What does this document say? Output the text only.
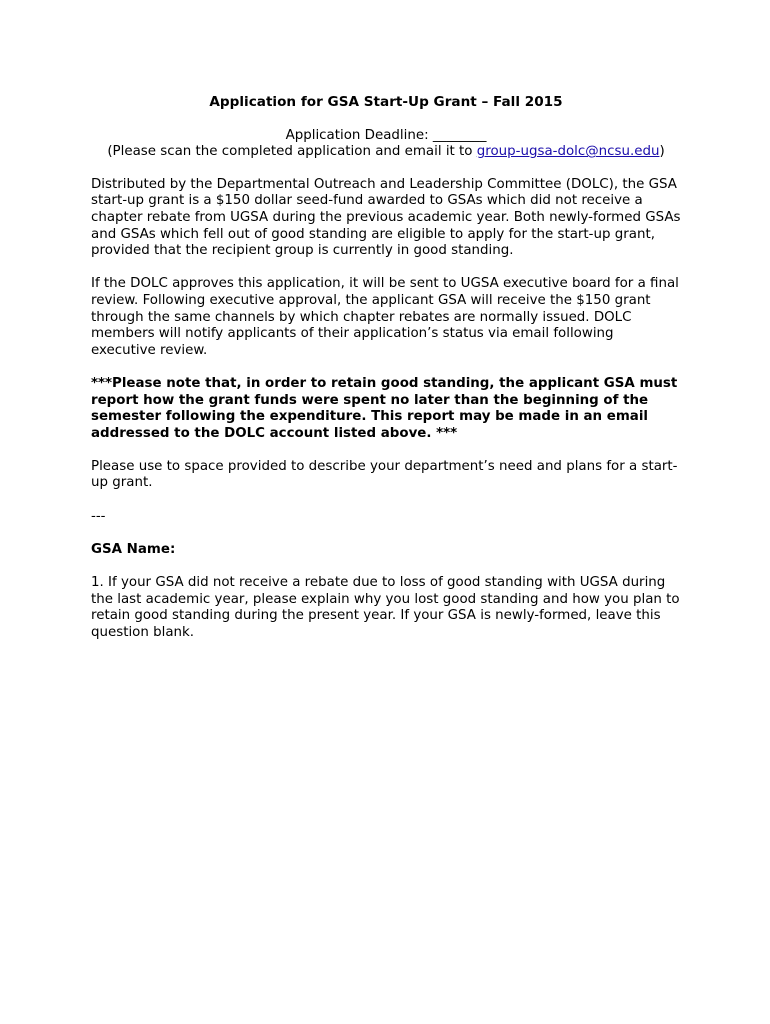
Application for GSA Start-Up Grant – Fall 2015

Application Deadline: ________

(Please scan the completed application and email it to group-ugsa-dolc@ncsu.edu)

Distributed by the Departmental Outreach and Leadership Committee (DOLC), the GSA start-up grant is a $150 dollar seed-fund awarded to GSAs which did not receive a chapter rebate from UGSA during the previous academic year. Both newly-formed GSAs and GSAs which fell out of good standing are eligible to apply for the start-up grant, provided that the recipient group is currently in good standing.

If the DOLC approves this application, it will be sent to UGSA executive board for a final review. Following executive approval, the applicant GSA will receive the $150 grant through the same channels by which chapter rebates are normally issued. DOLC members will notify applicants of their application’s status via email following executive review.

***Please note that, in order to retain good standing, the applicant GSA must report how the grant funds were spent no later than the beginning of the semester following the expenditure. This report may be made in an email addressed to the DOLC account listed above. ***

Please use to space provided to describe your department’s need and plans for a start-up grant.

---

GSA Name:

1. If your GSA did not receive a rebate due to loss of good standing with UGSA during the last academic year, please explain why you lost good standing and how you plan to retain good standing during the present year. If your GSA is newly-formed, leave this question blank.
